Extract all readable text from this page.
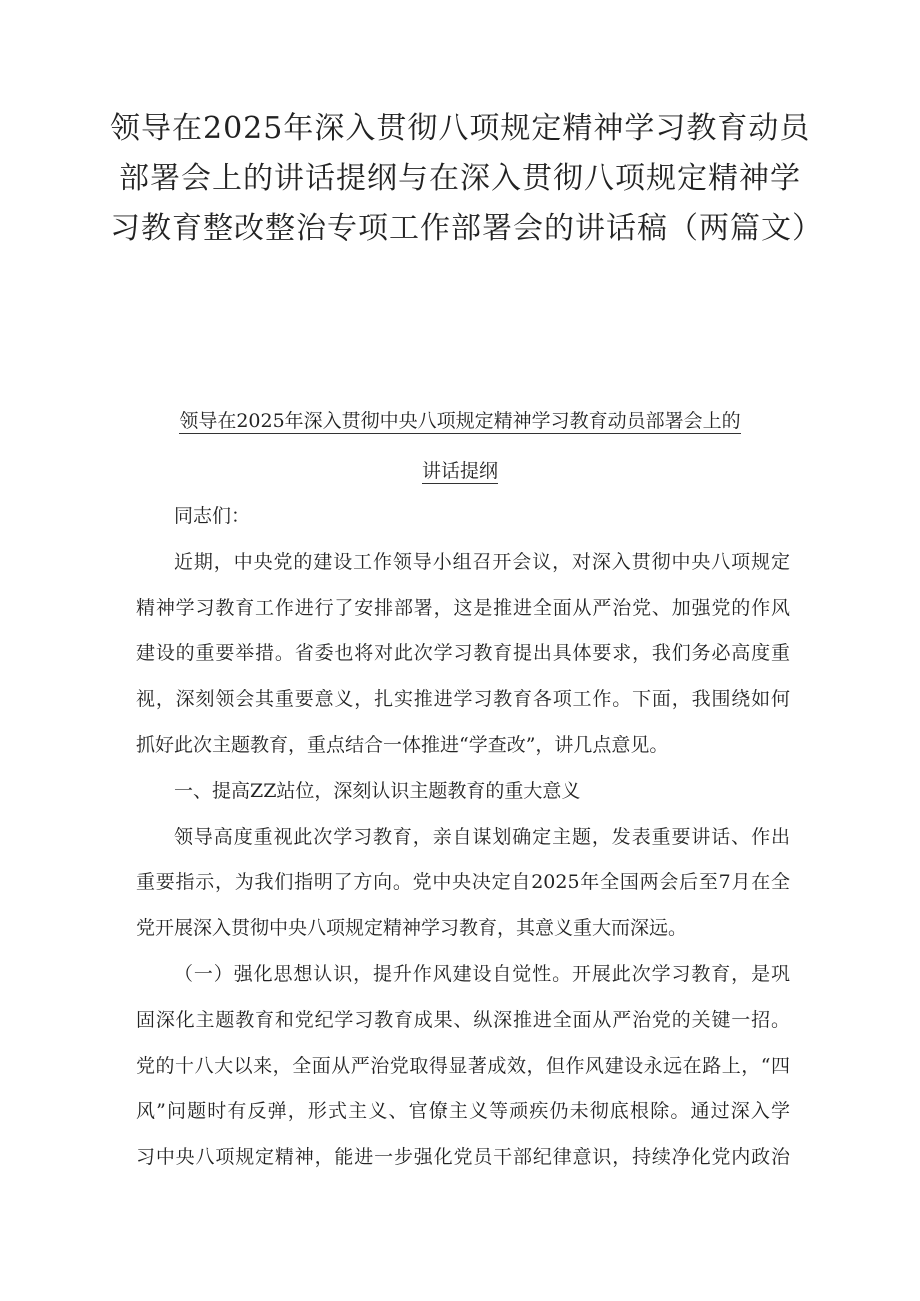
领导在2025年深入贯彻八项规定精神学习教育动员
部署会上的讲话提纲与在深入贯彻八项规定精神学
习教育整改整治专项工作部署会的讲话稿（两篇文）
领导在2025年深入贯彻中央八项规定精神学习教育动员部署会上的
讲话提纲
同志们：
近期，中央党的建设工作领导小组召开会议，对深入贯彻中央八项规定
精神学习教育工作进行了安排部署，这是推进全面从严治党、加强党的作风
建设的重要举措。省委也将对此次学习教育提出具体要求，我们务必高度重
视，深刻领会其重要意义，扎实推进学习教育各项工作。下面，我围绕如何
抓好此次主题教育，重点结合一体推进“学查改”，讲几点意见。
一、提高ZZ站位，深刻认识主题教育的重大意义
领导高度重视此次学习教育，亲自谋划确定主题，发表重要讲话、作出
重要指示，为我们指明了方向。党中央决定自2025年全国两会后至7月在全
党开展深入贯彻中央八项规定精神学习教育，其意义重大而深远。
（一）强化思想认识，提升作风建设自觉性。开展此次学习教育，是巩
固深化主题教育和党纪学习教育成果、纵深推进全面从严治党的关键一招。
党的十八大以来，全面从严治党取得显著成效，但作风建设永远在路上，“四
风”问题时有反弹，形式主义、官僚主义等顽疾仍未彻底根除。通过深入学
习中央八项规定精神，能进一步强化党员干部纪律意识，持续净化党内政治
